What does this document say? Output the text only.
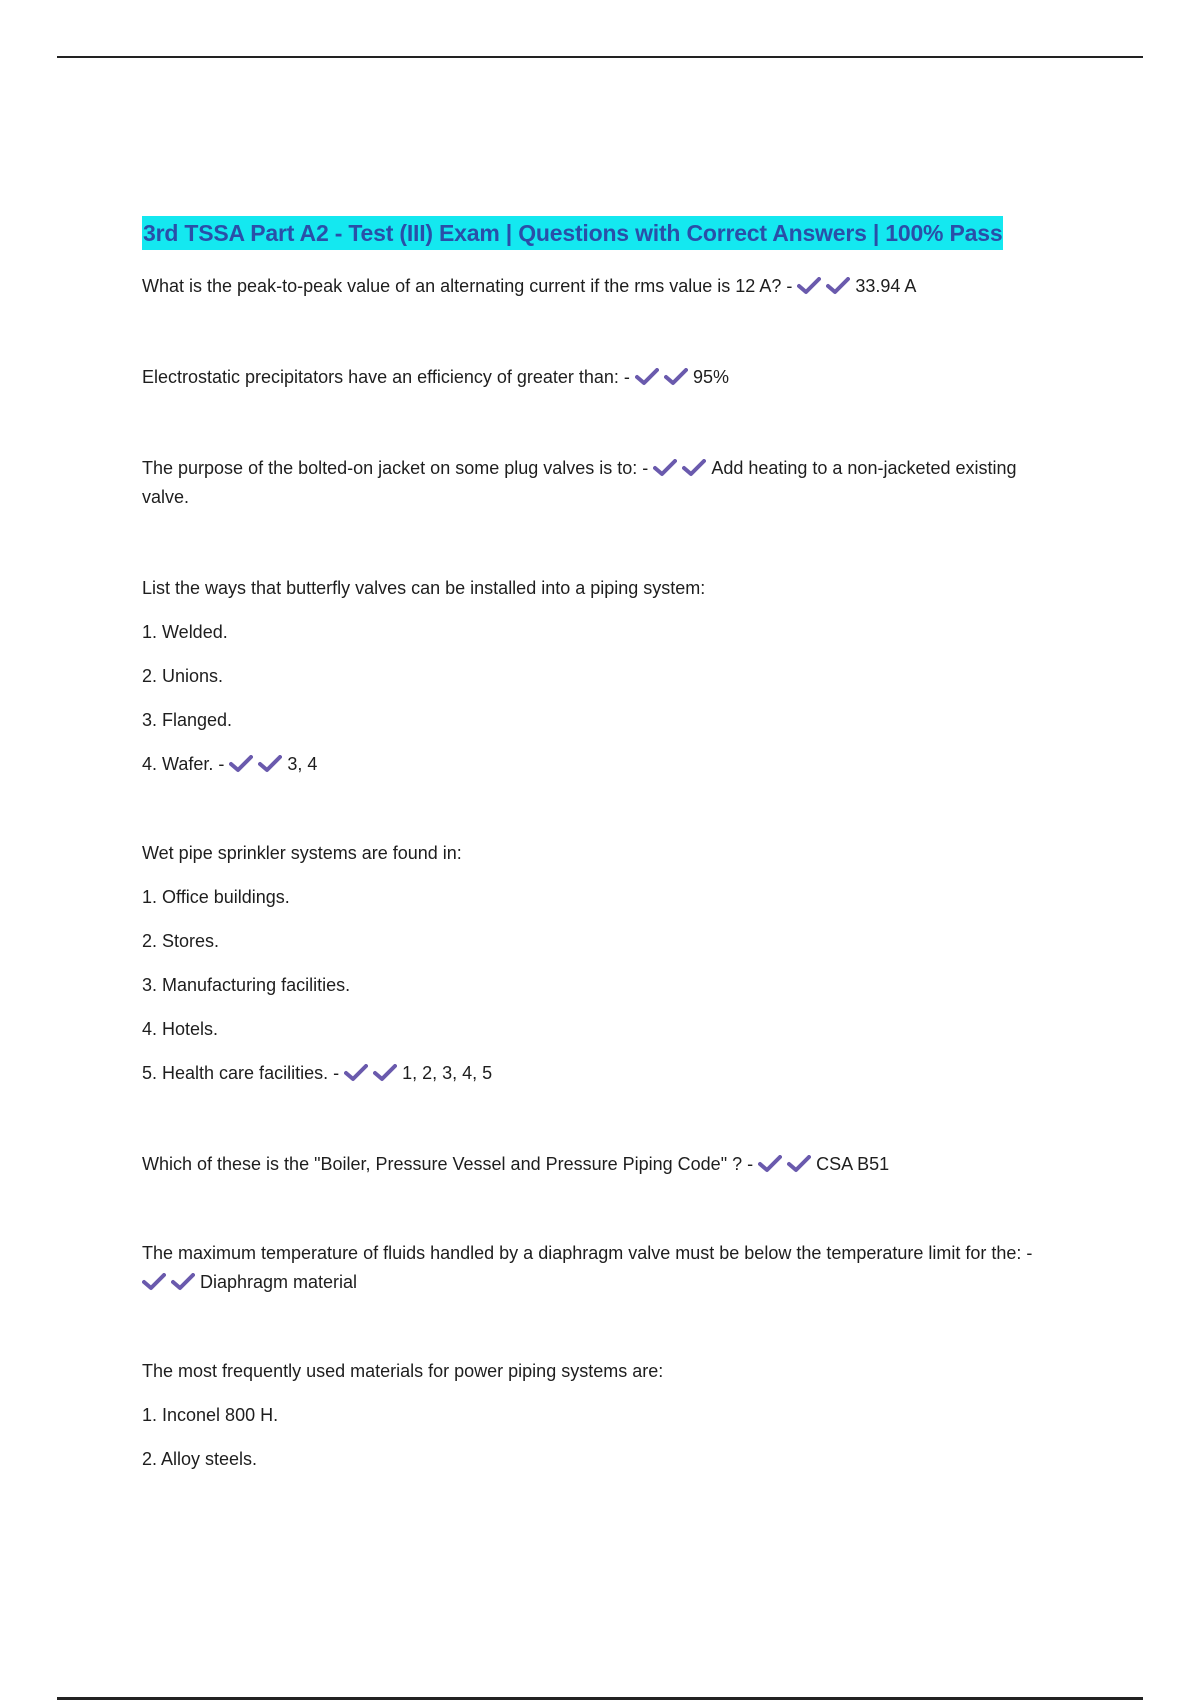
3rd TSSA Part A2 - Test (III) Exam | Questions with Correct Answers | 100% Pass

What is the peak-to-peak value of an alternating current if the rms value is 12 A? -	33.94 A

Electrostatic precipitators have an efficiency of greater than: -	95%

The purpose of the bolted-on jacket on some plug valves is to: -	Add heating to a non-jacketed existing valve.

List the ways that butterfly valves can be installed into a piping system:

1. Welded.

2. Unions.

3. Flanged.

4. Wafer. -	3, 4

Wet pipe sprinkler systems are found in:

1. Office buildings.

2. Stores.

3. Manufacturing facilities.

4. Hotels.

5. Health care facilities. -	1, 2, 3, 4, 5

Which of these is the "Boiler, Pressure Vessel and Pressure Piping Code" ? -	CSA B51

The maximum temperature of fluids handled by a diaphragm valve must be below the temperature limit for the: -
Diaphragm material

The most frequently used materials for power piping systems are:

1. Inconel 800 H.

2. Alloy steels.
